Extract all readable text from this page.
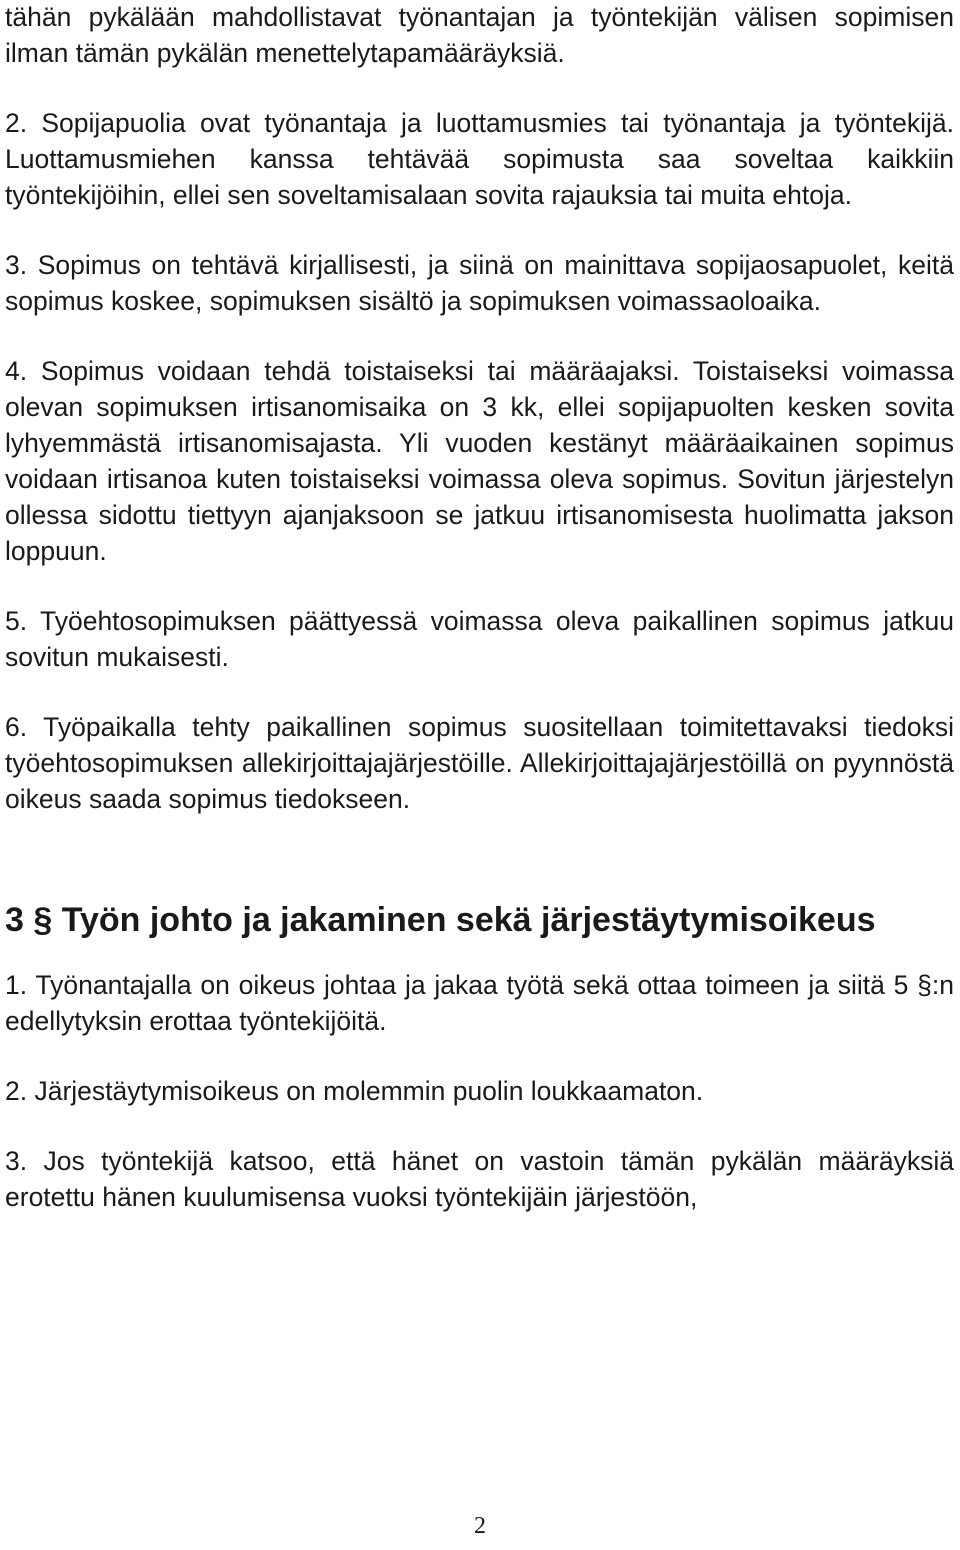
tähän pykälään mahdollistavat työnantajan ja työntekijän välisen sopimisen ilman tämän pykälän menettelytapamääräyksiä.

2. Sopijapuolia ovat työnantaja ja luottamusmies tai työnantaja ja työntekijä. Luottamusmiehen kanssa tehtävää sopimusta saa soveltaa kaikkiin työntekijöihin, ellei sen soveltamisalaan sovita rajauksia tai muita ehtoja.

3. Sopimus on tehtävä kirjallisesti, ja siinä on mainittava sopijaosapuolet, keitä sopimus koskee, sopimuksen sisältö ja sopimuksen voimassaoloaika.

4. Sopimus voidaan tehdä toistaiseksi tai määräajaksi. Toistaiseksi voimassa olevan sopimuksen irtisanomisaika on 3 kk, ellei sopijapuolten kesken sovita lyhyemmästä irtisanomisajasta. Yli vuoden kestänyt määräaikainen sopimus voidaan irtisanoa kuten toistaiseksi voimassa oleva sopimus. Sovitun järjestelyn ollessa sidottu tiettyyn ajanjaksoon se jatkuu irtisanomisesta huolimatta jakson loppuun.

5. Työehtosopimuksen päättyessä voimassa oleva paikallinen sopimus jatkuu sovitun mukaisesti.

6. Työpaikalla tehty paikallinen sopimus suositellaan toimitettavaksi tiedoksi työehtosopimuksen allekirjoittajajärjestöille. Allekirjoittajajärjestöillä on pyynnöstä oikeus saada sopimus tiedokseen.

3 § Työn johto ja jakaminen sekä järjestäytymisoikeus

1. Työnantajalla on oikeus johtaa ja jakaa työtä sekä ottaa toimeen ja siitä 5 §:n edellytyksin erottaa työntekijöitä.

2. Järjestäytymisoikeus on molemmin puolin loukkaamaton.

3. Jos työntekijä katsoo, että hänet on vastoin tämän pykälän määräyksiä erotettu hänen kuulumisensa vuoksi työntekijäin järjestöön,

2
